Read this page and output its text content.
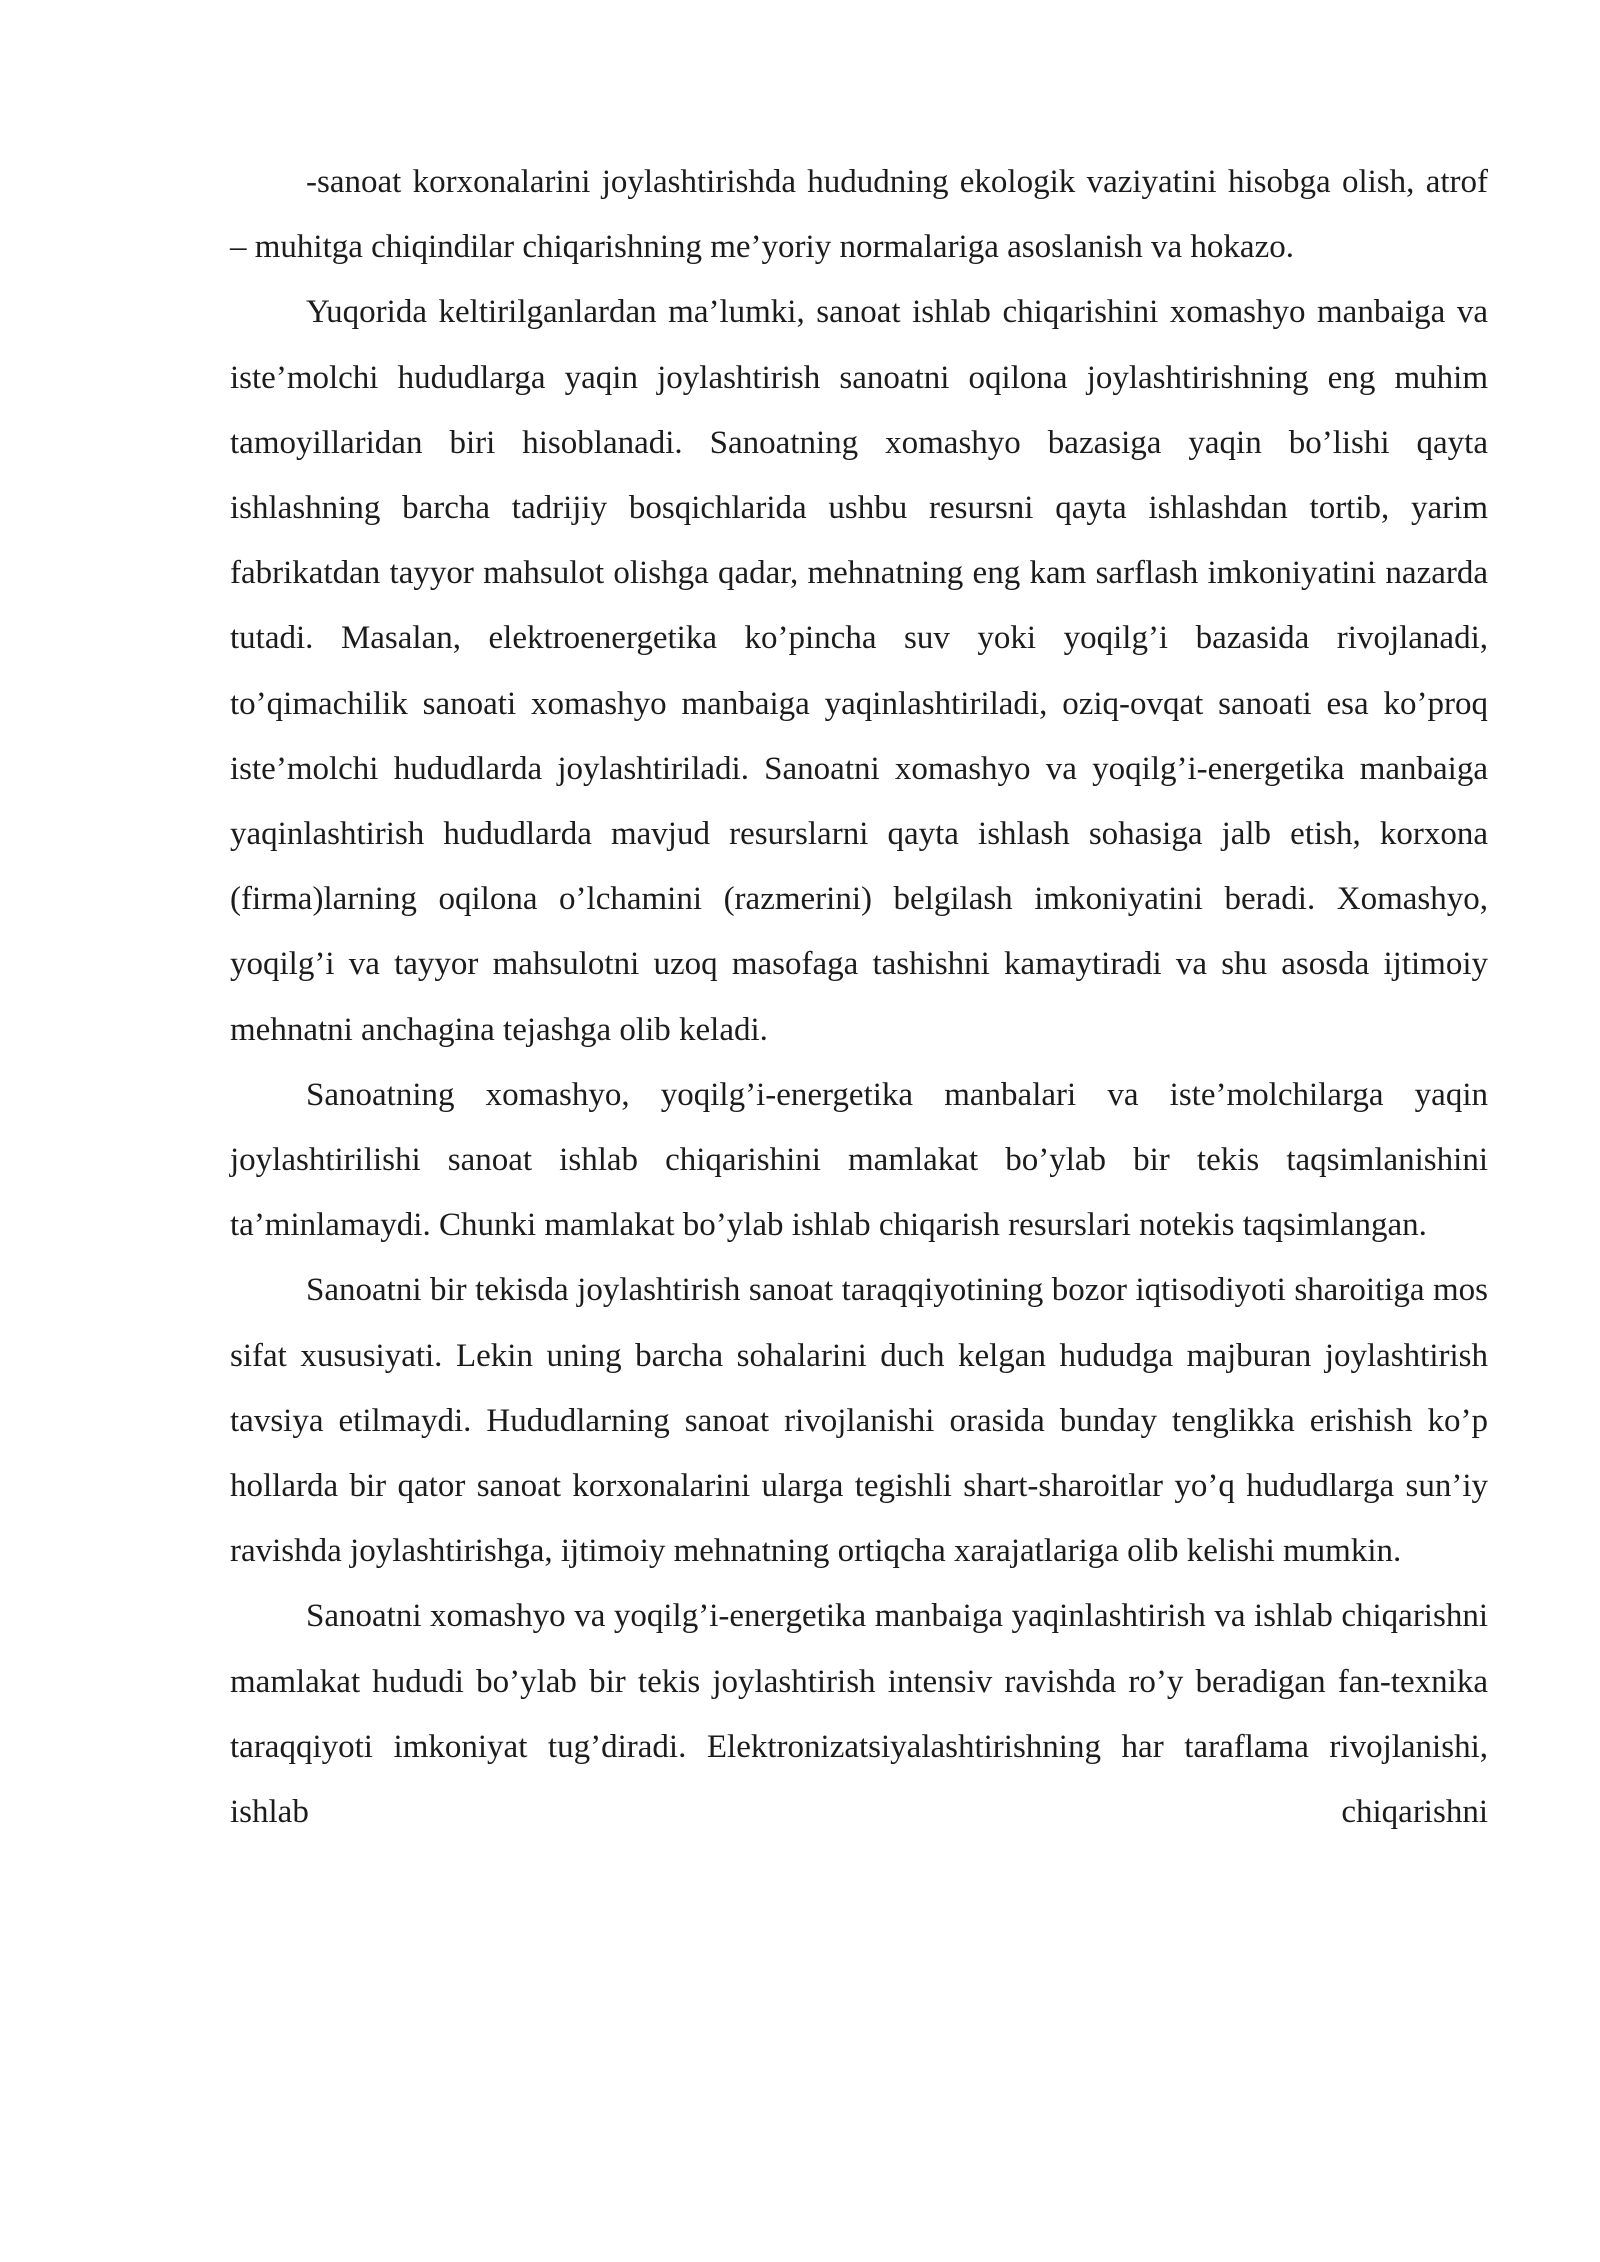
-sanoat korxonalarini joylashtirishda hududning ekologik vaziyatini hisobga olish, atrof – muhitga chiqindilar chiqarishning me’yoriy normalariga asoslanish va hokazo.

Yuqorida keltirilganlardan ma’lumki, sanoat ishlab chiqarishini xomashyo manbaiga va iste’molchi hududlarga yaqin joylashtirish sanoatni oqilona joylashtirishning eng muhim tamoyillaridan biri hisoblanadi. Sanoatning xomashyo bazasiga yaqin bo’lishi qayta ishlashning barcha tadrijiy bosqichlarida ushbu resursni qayta ishlashdan tortib, yarim fabrikatdan tayyor mahsulot olishga qadar, mehnatning eng kam sarflash imkoniyatini nazarda tutadi. Masalan, elektroenergetika ko’pincha suv yoki yoqilg’i bazasida rivojlanadi, to’qimachilik sanoati xomashyo manbaiga yaqinlashtiriladi, oziq-ovqat sanoati esa ko’proq iste’molchi hududlarda joylashtiriladi. Sanoatni xomashyo va yoqilg’i-energetika manbaiga yaqinlashtirish hududlarda mavjud resurslarni qayta ishlash sohasiga jalb etish, korxona (firma)larning oqilona o’lchamini (razmerini) belgilash imkoniyatini beradi. Xomashyo, yoqilg’i va tayyor mahsulotni uzoq masofaga tashishni kamaytiradi va shu asosda ijtimoiy mehnatni anchagina tejashga olib keladi.

Sanoatning xomashyo, yoqilg’i-energetika manbalari va iste’molchilarga yaqin joylashtirilishi sanoat ishlab chiqarishini mamlakat bo’ylab bir tekis taqsimlanishini ta’minlamaydi. Chunki mamlakat bo’ylab ishlab chiqarish resurslari notekis taqsimlangan.

Sanoatni bir tekisda joylashtirish sanoat taraqqiyotining bozor iqtisodiyoti sharoitiga mos sifat xususiyati. Lekin uning barcha sohalarini duch kelgan hududga majburan joylashtirish tavsiya etilmaydi. Hududlarning sanoat rivojlanishi orasida bunday tenglikka erishish ko’p hollarda bir qator sanoat korxonalarini ularga tegishli shart-sharoitlar yo’q hududlarga sun’iy ravishda joylashtirishga, ijtimoiy mehnatning ortiqcha xarajatlariga olib kelishi mumkin.

Sanoatni xomashyo va yoqilg’i-energetika manbaiga yaqinlashtirish va ishlab chiqarishni mamlakat hududi bo’ylab bir tekis joylashtirish intensiv ravishda ro’y beradigan fan-texnika taraqqiyoti imkoniyat tug’diradi. Elektronizatsiyalashtirishning har taraflama rivojlanishi, ishlab chiqarishni
